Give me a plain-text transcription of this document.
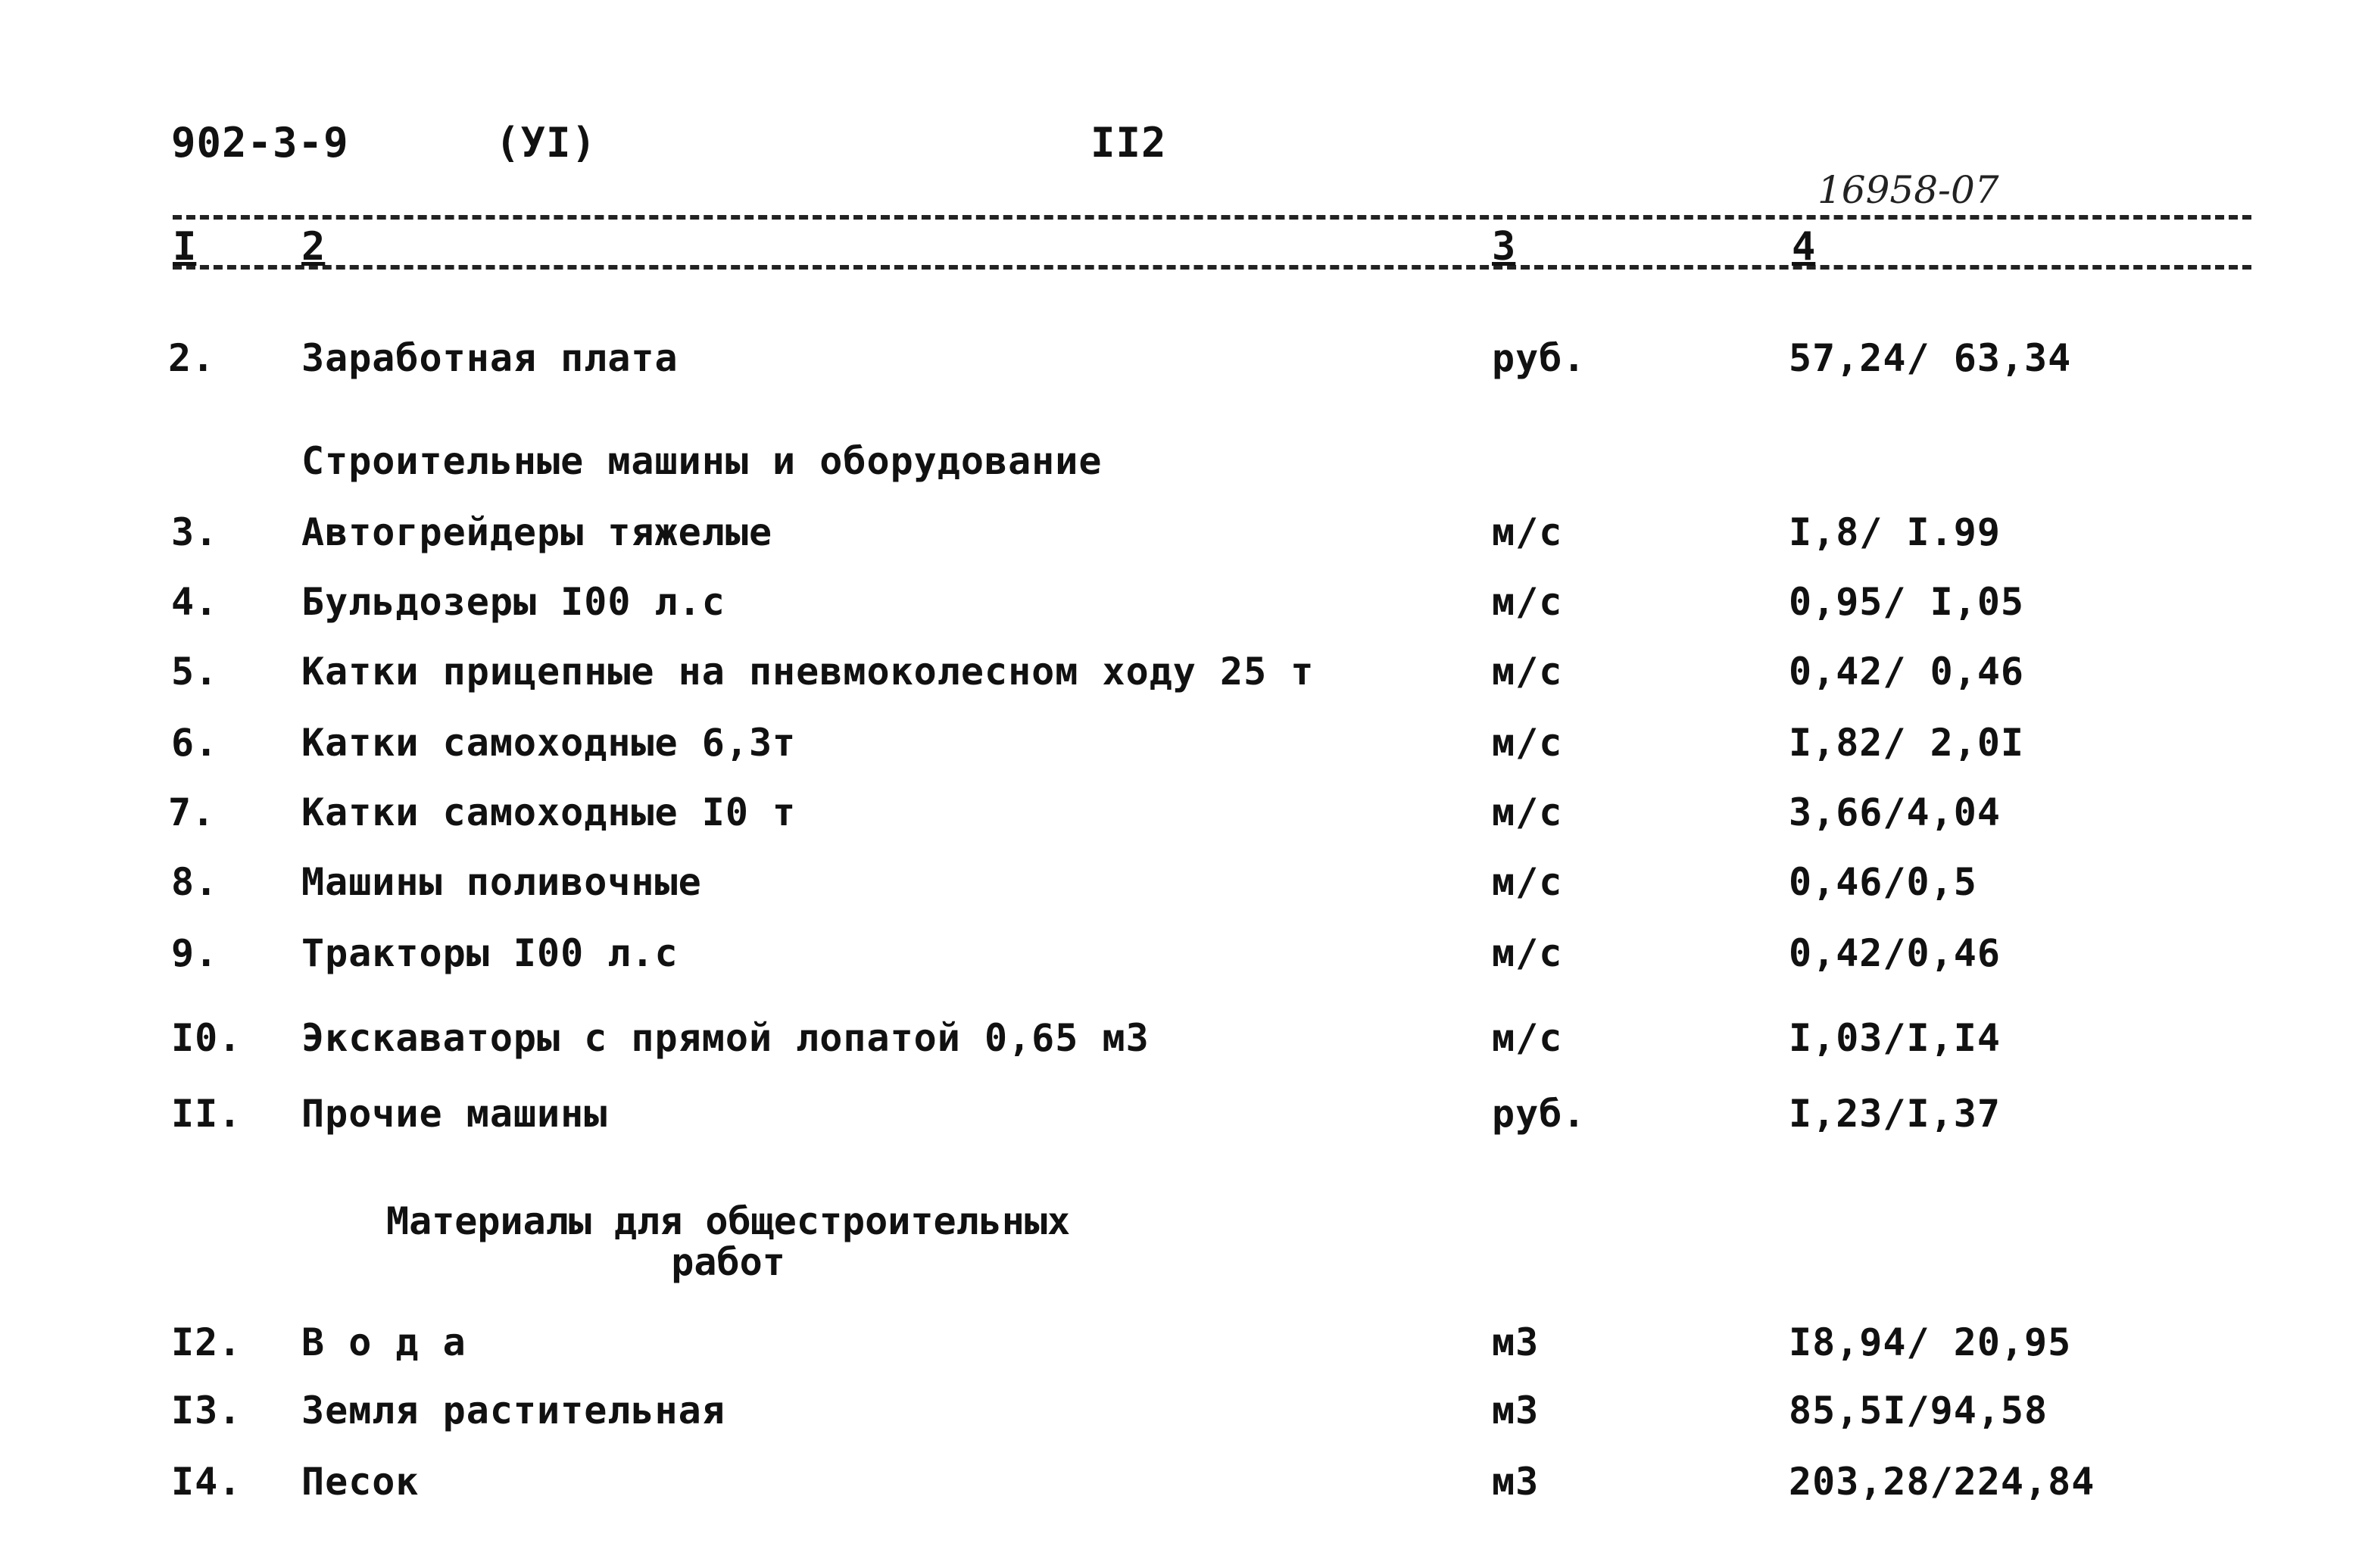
902-3-9	(УI)	II2
16958-07
I	2	3	4
2. Заработная плата	руб.	57,24/ 63,34
Строительные машины и оборудование
3. Автогрейдеры тяжелые	м/с	I,8/ I.99
4. Бульдозеры I00 л.с	м/с	0,95/ I,05
5. Катки прицепные на пневмоколесном ходу 25 т	м/с	0,42/ 0,46
6. Катки самоходные 6,3т	м/с	I,82/ 2,0I
7. Катки самоходные I0 т	м/с	3,66/4,04
8. Машины поливочные	м/с	0,46/0,5
9. Тракторы I00 л.с	м/с	0,42/0,46
I0. Экскаваторы с прямой лопатой 0,65 м3	м/с	I,03/I,I4
II. Прочие машины	руб.	I,23/I,37
Материалы для общестроительных
работ
I2. В о д а	м3	I8,94/ 20,95
I3. Земля растительная	м3	85,5I/94,58
I4. Песок	м3	203,28/224,84
